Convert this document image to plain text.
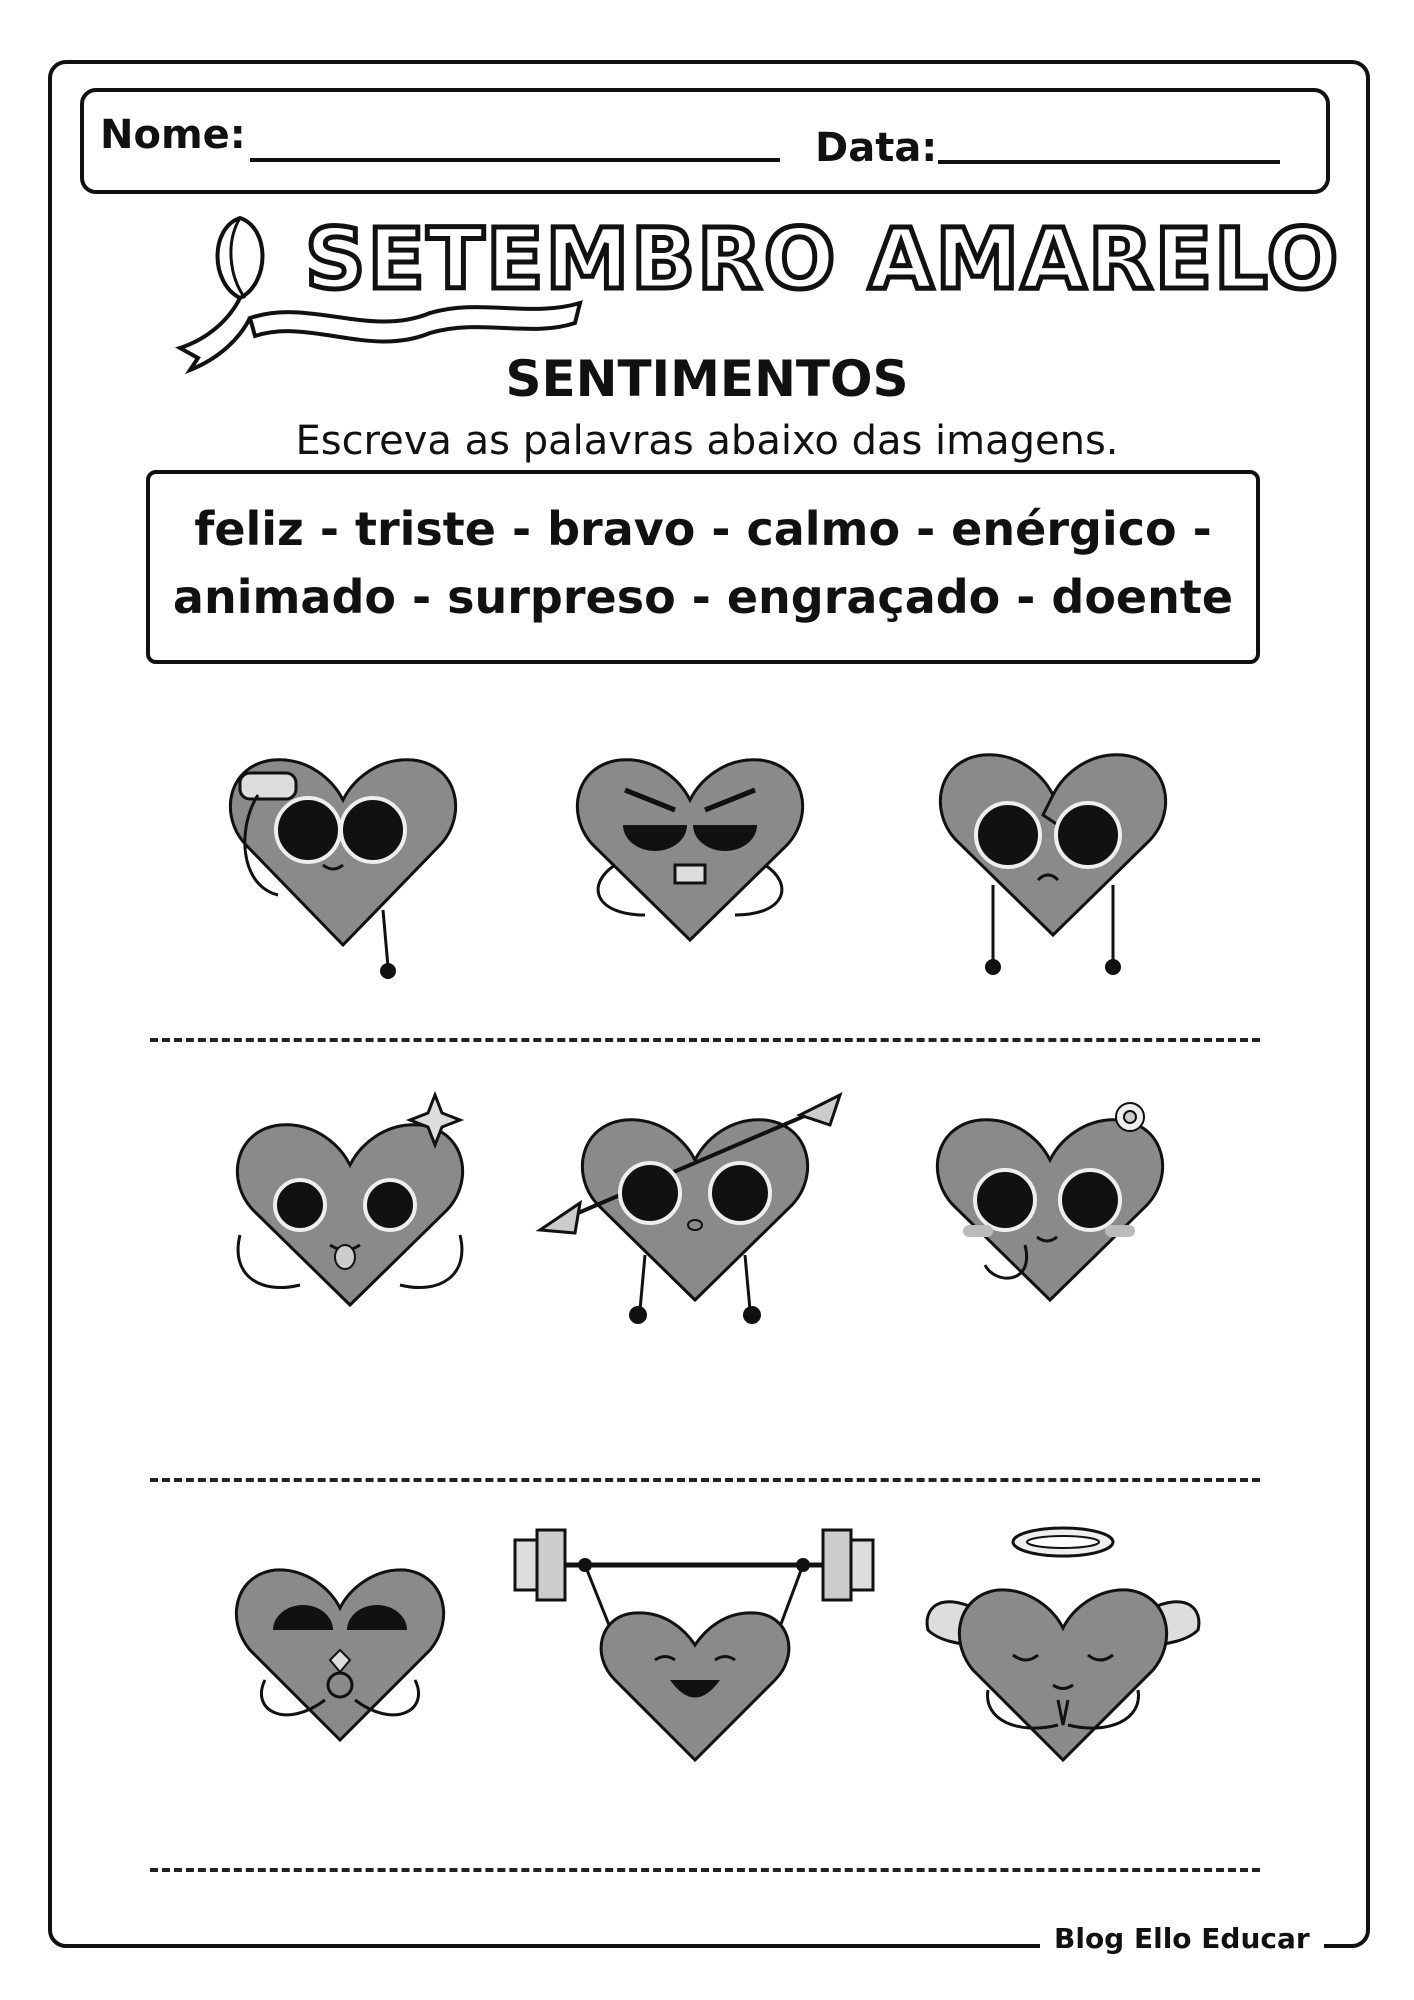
Nome:	Data:
SETEMBRO AMARELO
SENTIMENTOS
Escreva as palavras abaixo das imagens.
feliz - triste - bravo - calmo - enérgico -
animado - surpreso - engraçado - doente
Blog Ello Educar
